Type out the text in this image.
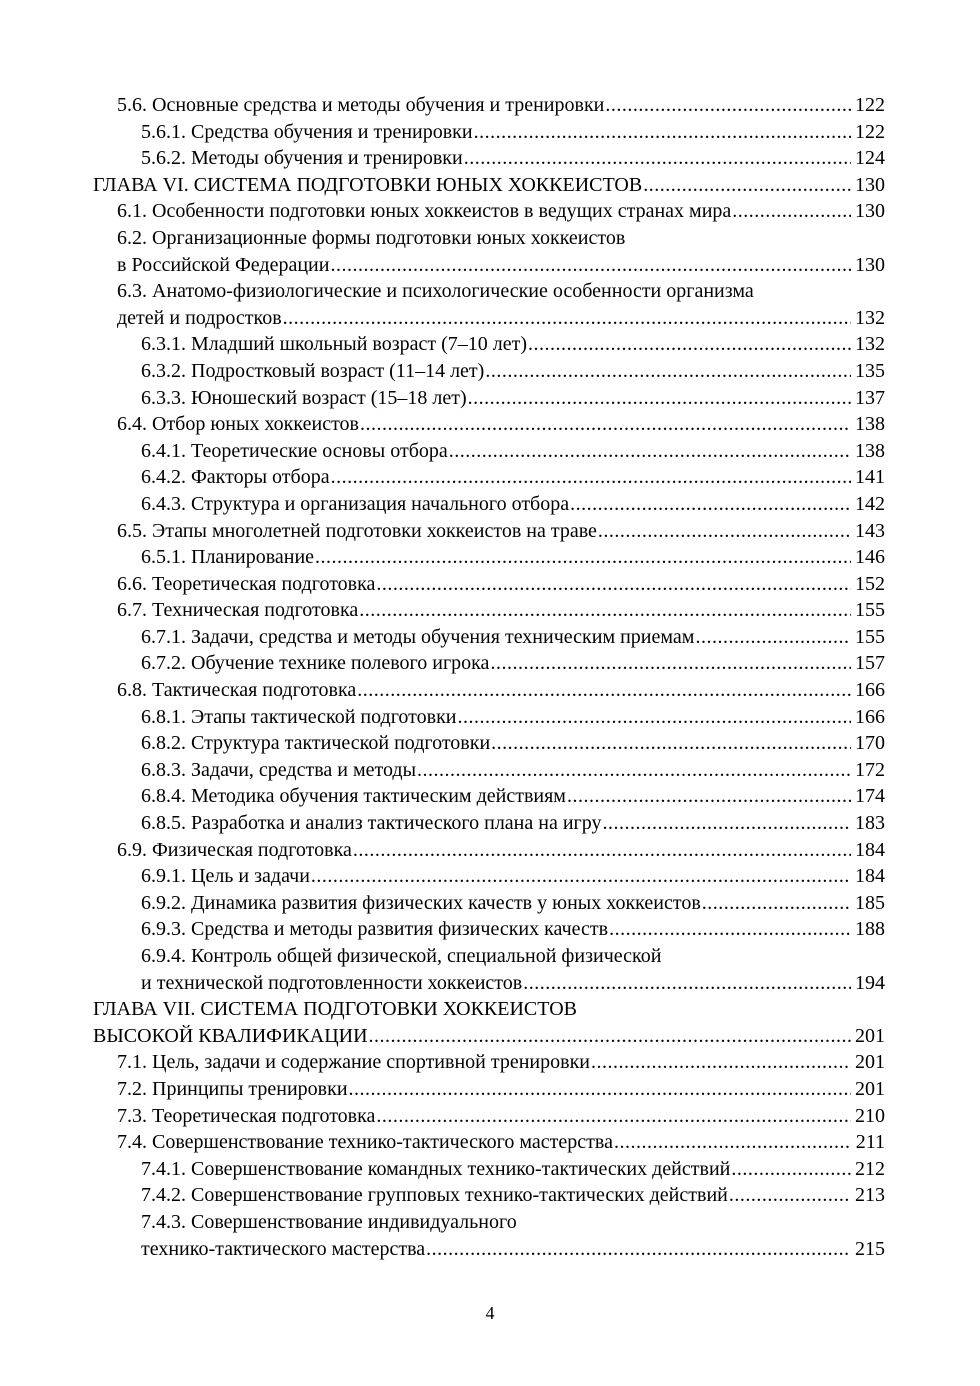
5.6. Основные средства и методы обучения и тренировки .....	122
5.6.1. Средства обучения и тренировки .....	122
5.6.2. Методы обучения и тренировки .....	124
ГЛАВА VI. СИСТЕМА ПОДГОТОВКИ ЮНЫХ ХОККЕИСТОВ .....	130
6.1. Особенности подготовки юных хоккеистов в ведущих странах мира .....	130
6.2. Организационные формы подготовки юных хоккеистов
в Российской Федерации .....	130
6.3. Анатомо-физиологические и психологические особенности организма
детей и подростков .....	132
6.3.1. Младший школьный возраст (7–10 лет) .....	132
6.3.2. Подростковый возраст (11–14 лет) .....	135
6.3.3. Юношеский возраст (15–18 лет) .....	137
6.4. Отбор юных хоккеистов .....	138
6.4.1. Теоретические основы отбора .....	138
6.4.2. Факторы отбора .....	141
6.4.3. Структура и организация начального отбора .....	142
6.5. Этапы многолетней подготовки хоккеистов на траве .....	143
6.5.1. Планирование .....	146
6.6. Теоретическая подготовка .....	152
6.7. Техническая подготовка .....	155
6.7.1. Задачи, средства и методы обучения техническим приемам .....	155
6.7.2. Обучение технике полевого игрока .....	157
6.8. Тактическая подготовка .....	166
6.8.1. Этапы тактической подготовки .....	166
6.8.2. Структура тактической подготовки .....	170
6.8.3. Задачи, средства и методы .....	172
6.8.4. Методика обучения тактическим действиям .....	174
6.8.5. Разработка и анализ тактического плана на игру .....	183
6.9. Физическая подготовка .....	184
6.9.1. Цель и задачи .....	184
6.9.2. Динамика развития физических качеств у юных хоккеистов .....	185
6.9.3. Средства и методы развития физических качеств .....	188
6.9.4. Контроль общей физической, специальной физической
и технической подготовленности хоккеистов .....	194
ГЛАВА VII. СИСТЕМА ПОДГОТОВКИ ХОККЕИСТОВ
ВЫСОКОЙ КВАЛИФИКАЦИИ .....	201
7.1. Цель, задачи и содержание спортивной тренировки .....	201
7.2. Принципы тренировки .....	201
7.3. Теоретическая подготовка .....	210
7.4. Совершенствование технико-тактического мастерства .....	211
7.4.1. Совершенствование командных технико-тактических действий .....	212
7.4.2. Совершенствование групповых технико-тактических действий .....	213
7.4.3. Совершенствование индивидуального
технико-тактического мастерства .....	215
4
